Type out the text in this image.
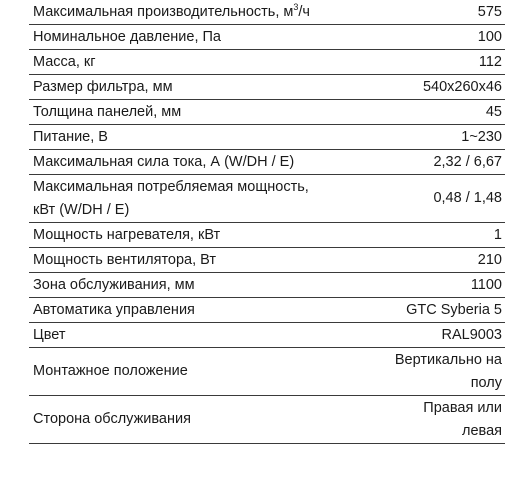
Максимальная производительность, $м^3/ч$	575
Номинальное давление, Па	100
Масса, кг	112
Размер фильтра, мм	540x260x46
Толщина панелей, мм	45
Питание, В	1~230
Максимальная сила тока, А (W/DH / E)	2,32 / 6,67
Максимальная потребляемая мощность,
кВт (W/DH / E)	0,48 / 1,48
Мощность нагревателя, кВт	1
Мощность вентилятора, Вт	210
Зона обслуживания, мм	1100
Автоматика управления	GTC Syberia 5
Цвет	RAL9003
Монтажное положение	Вертикально на
полу
Сторона обслуживания	Правая или
левая
